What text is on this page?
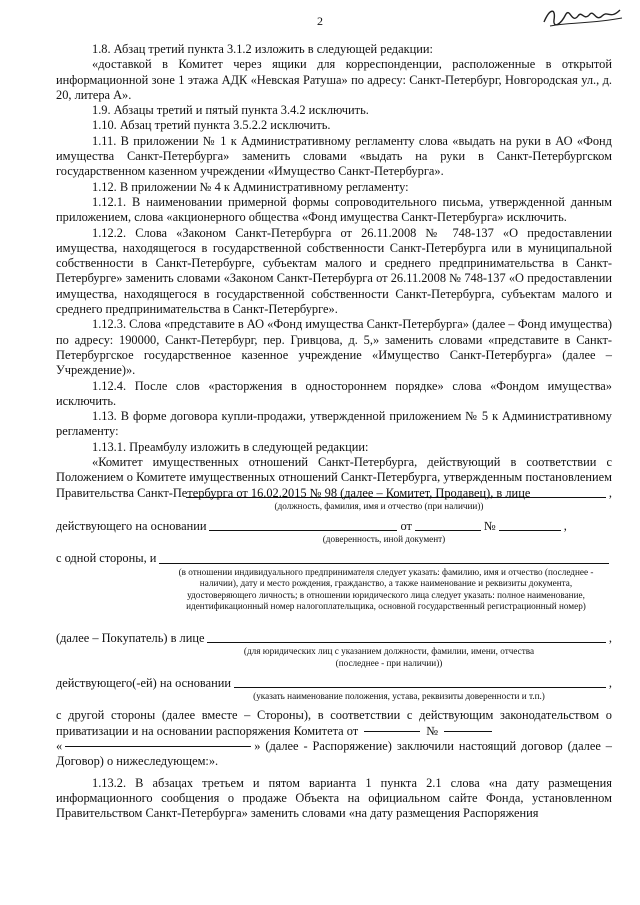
2

1.8. Абзац третий пункта 3.1.2 изложить в следующей редакции:

«доставкой в Комитет через ящики для корреспонденции, расположенные в открытой информационной зоне 1 этажа АДК «Невская Ратуша» по адресу: Санкт-Петербург, Новгородская ул., д. 20, литера А».

1.9. Абзацы третий и пятый пункта 3.4.2 исключить.

1.10. Абзац третий пункта 3.5.2.2 исключить.

1.11. В приложении № 1 к Административному регламенту слова «выдать на руки в АО «Фонд имущества Санкт-Петербурга» заменить словами «выдать на руки в Санкт-Петербургском государственном казенном учреждении «Имущество Санкт-Петербурга».

1.12. В приложении № 4 к Административному регламенту:

1.12.1. В наименовании примерной формы сопроводительного письма, утвержденной данным приложением, слова «акционерного общества «Фонд имущества Санкт-Петербурга» исключить.

1.12.2. Слова «Законом Санкт-Петербурга от 26.11.2008 № 748-137 «О предоставлении имущества, находящегося в государственной собственности Санкт-Петербурга или в муниципальной собственности в Санкт-Петербурге, субъектам малого и среднего предпринимательства в Санкт-Петербурге» заменить словами «Законом Санкт-Петербурга от 26.11.2008 № 748-137 «О предоставлении имущества, находящегося в государственной собственности Санкт-Петербурга, субъектам малого и среднего предпринимательства в Санкт-Петербурге».

1.12.3. Слова «представите в АО «Фонд имущества Санкт-Петербурга» (далее – Фонд имущества) по адресу: 190000, Санкт-Петербург, пер. Гривцова, д. 5,» заменить словами «представите в Санкт-Петербургское государственное казенное учреждение «Имущество Санкт-Петербурга» (далее – Учреждение)».

1.12.4. После слов «расторжения в одностороннем порядке» слова «Фондом имущества» исключить.

1.13. В форме договора купли-продажи, утвержденной приложением № 5 к Административному регламенту:

1.13.1. Преамбулу изложить в следующей редакции:

«Комитет имущественных отношений Санкт-Петербурга, действующий в соответствии с Положением о Комитете имущественных отношений Санкт-Петербурга, утвержденным постановлением Правительства Санкт-Петербурга от 16.02.2015 № 98 (далее – Комитет, Продавец), в лице	,
(должность, фамилия, имя и отчество (при наличии))
действующего на основании	от	№	,
(доверенность, иной документ)
с одной стороны, и
(в отношении индивидуального предпринимателя следует указать: фамилию, имя и отчество (последнее - наличии), дату и место рождения, гражданство, а также наименование и реквизиты документа, удостоверяющего личность; в отношении юридического лица следует указать: полное наименование, идентификационный номер налогоплательщика, основной государственный регистрационный номер)
(далее – Покупатель) в лице	,
(для юридических лиц с указанием должности, фамилии, имени, отчества
(последнее - при наличии))
действующего(-ей) на основании	,
(указать наименование положения, устава, реквизиты доверенности и т.п.)

с другой стороны (далее вместе – Стороны), в соответствии с действующим законодательством о приватизации и на основании распоряжения Комитета от	№

«	» (далее - Распоряжение) заключили настоящий договор (далее – Договор) о нижеследующем:».

1.13.2. В абзацах третьем и пятом варианта 1 пункта 2.1 слова «на дату размещения информационного сообщения о продаже Объекта на официальном сайте Фонда, установленном Правительством Санкт-Петербурга» заменить словами «на дату размещения Распоряжения
